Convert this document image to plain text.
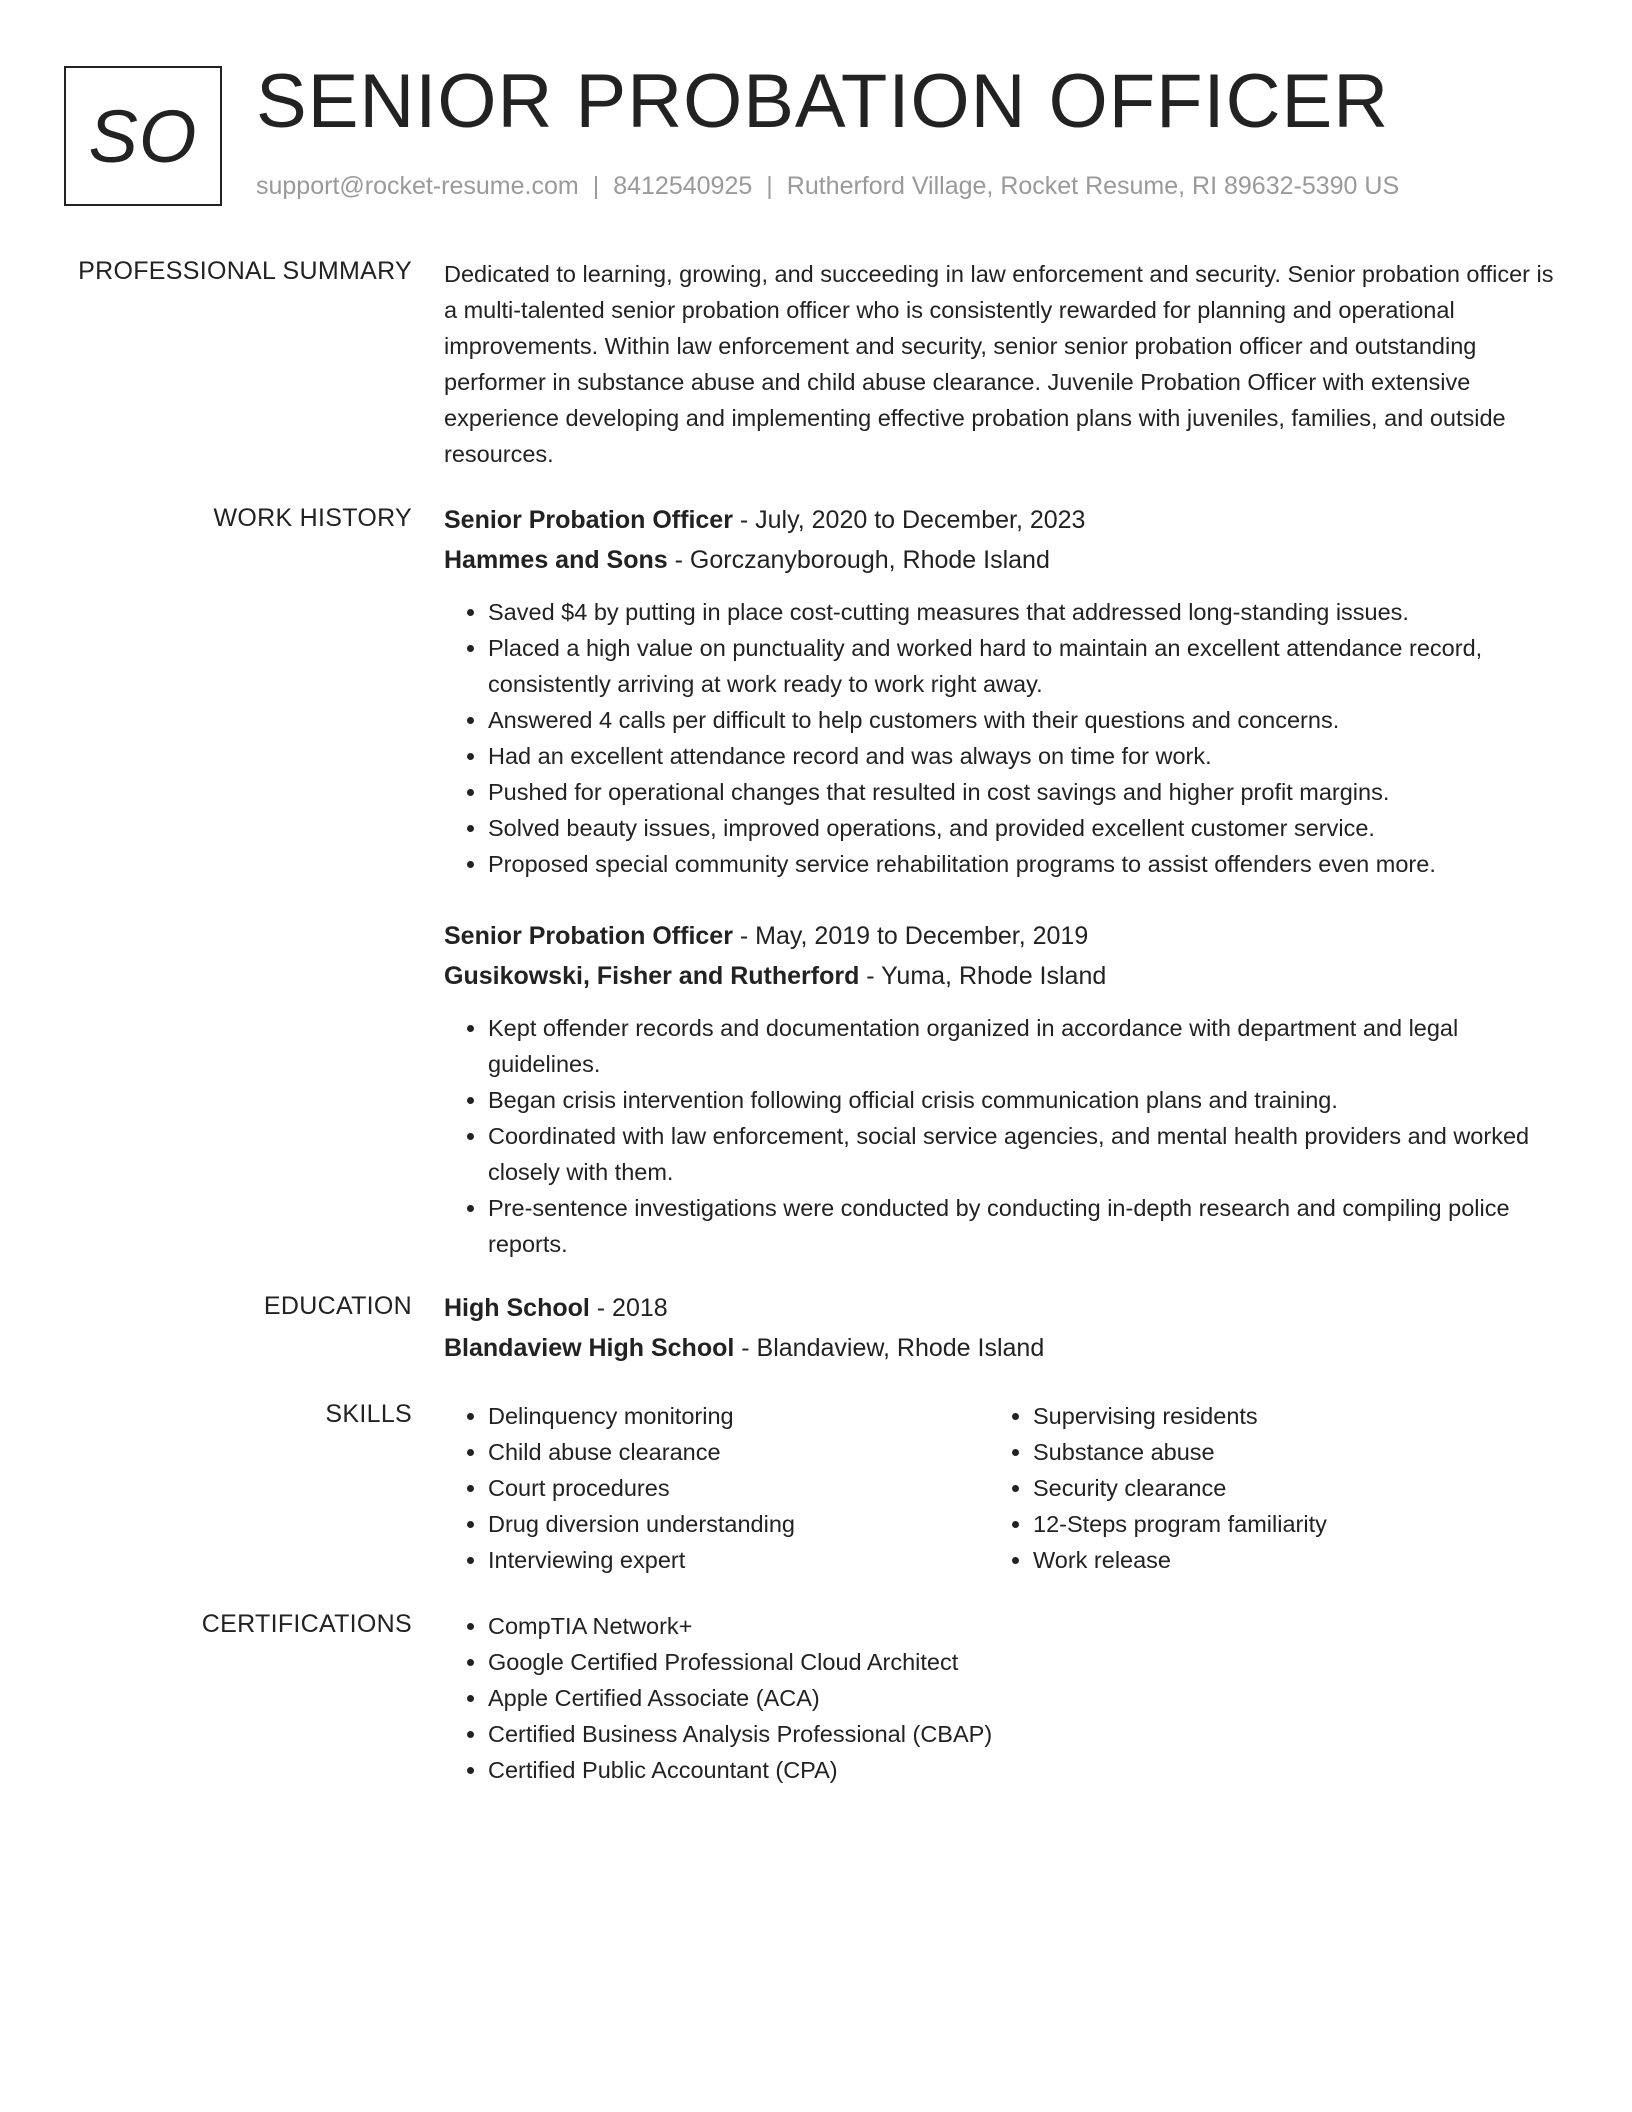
SO SENIOR PROBATION OFFICER
support@rocket-resume.com | 8412540925 | Rutherford Village, Rocket Resume, RI 89632-5390 US
PROFESSIONAL SUMMARY Dedicated to learning, growing, and succeeding in law enforcement and security. Senior probation officer is a multi-talented senior probation officer who is consistently rewarded for planning and operational improvements. Within law enforcement and security, senior senior probation officer and outstanding performer in substance abuse and child abuse clearance. Juvenile Probation Officer with extensive experience developing and implementing effective probation plans with juveniles, families, and outside resources.

WORK HISTORY Senior Probation Officer - July, 2020 to December, 2023

Hammes and Sons - Gorczanyborough, Rhode Island

• Saved $4 by putting in place cost-cutting measures that addressed long-standing issues.
• Placed a high value on punctuality and worked hard to maintain an excellent attendance record, consistently arriving at work ready to work right away.
• Answered 4 calls per difficult to help customers with their questions and concerns.
• Had an excellent attendance record and was always on time for work.
• Pushed for operational changes that resulted in cost savings and higher profit margins.
• Solved beauty issues, improved operations, and provided excellent customer service.
• Proposed special community service rehabilitation programs to assist offenders even more.

Senior Probation Officer - May, 2019 to December, 2019

Gusikowski, Fisher and Rutherford - Yuma, Rhode Island

• Kept offender records and documentation organized in accordance with department and legal guidelines.
• Began crisis intervention following official crisis communication plans and training.
• Coordinated with law enforcement, social service agencies, and mental health providers and worked closely with them.
• Pre-sentence investigations were conducted by conducting in-depth research and compiling police reports.
EDUCATION High School - 2018

Blandaview High School - Blandaview, Rhode Island

SKILLS	• Delinquency monitoring
• Child abuse clearance
• Court procedures
• Drug diversion understanding
• Interviewing expert
• Supervising residents
• Substance abuse
• Security clearance
• 12-Steps program familiarity
• Work release
CERTIFICATIONS	• CompTIA Network+
• Google Certified Professional Cloud Architect
• Apple Certified Associate (ACA)
• Certified Business Analysis Professional (CBAP)
• Certified Public Accountant (CPA)
